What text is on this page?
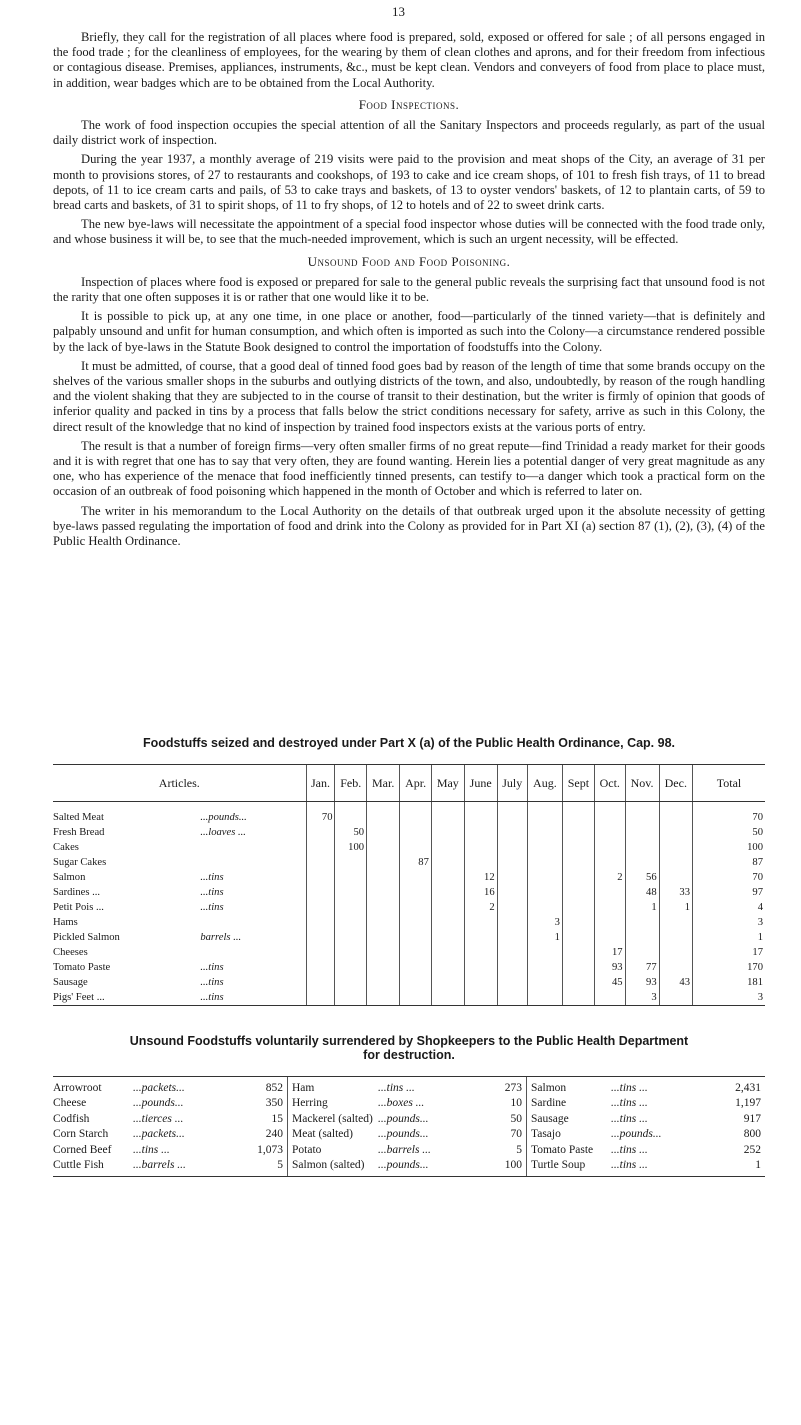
13

Briefly, they call for the registration of all places where food is prepared, sold, exposed or offered for sale ; of all persons engaged in the food trade ; for the cleanliness of employees, for the wearing by them of clean clothes and aprons, and for their freedom from infectious or contagious disease. Premises, appliances, instruments, &c., must be kept clean. Vendors and conveyers of food from place to place must, in addition, wear badges which are to be obtained from the Local Authority.

Food Inspections.

The work of food inspection occupies the special attention of all the Sanitary Inspectors and proceeds regularly, as part of the usual daily district work of inspection.

During the year 1937, a monthly average of 219 visits were paid to the provision and meat shops of the City, an average of 31 per month to provisions stores, of 27 to restaurants and cookshops, of 193 to cake and ice cream shops, of 101 to fresh fish trays, of 11 to bread depots, of 11 to ice cream carts and pails, of 53 to cake trays and baskets, of 13 to oyster vendors' baskets, of 12 to plantain carts, of 59 to bread carts and baskets, of 31 to spirit shops, of 11 to fry shops, of 12 to hotels and of 22 to sweet drink carts.

The new bye-laws will necessitate the appointment of a special food inspector whose duties will be connected with the food trade only, and whose business it will be, to see that the much-needed improvement, which is such an urgent necessity, will be effected.

Unsound Food and Food Poisoning.

Inspection of places where food is exposed or prepared for sale to the general public reveals the surprising fact that unsound food is not the rarity that one often supposes it is or rather that one would like it to be.

It is possible to pick up, at any one time, in one place or another, food—particularly of the tinned variety—that is definitely and palpably unsound and unfit for human consumption, and which often is imported as such into the Colony—a circumstance rendered possible by the lack of bye-laws in the Statute Book designed to control the importation of foodstuffs into the Colony.

It must be admitted, of course, that a good deal of tinned food goes bad by reason of the length of time that some brands occupy on the shelves of the various smaller shops in the suburbs and outlying districts of the town, and also, undoubtedly, by reason of the rough handling and the violent shaking that they are subjected to in the course of transit to their destination, but the writer is firmly of opinion that goods of inferior quality and packed in tins by a process that falls below the strict conditions necessary for safety, arrive as such in this Colony, the direct result of the knowledge that no kind of inspection by trained food inspectors exists at the various ports of entry.

The result is that a number of foreign firms—very often smaller firms of no great repute—find Trinidad a ready market for their goods and it is with regret that one has to say that very often, they are found wanting. Herein lies a potential danger of very great magnitude as any one, who has experience of the menace that food inefficiently tinned presents, can testify to—a danger which took a practical form on the occasion of an outbreak of food poisoning which happened in the month of October and which is referred to later on.

The writer in his memorandum to the Local Authority on the details of that outbreak urged upon it the absolute necessity of getting bye-laws passed regulating the importation of food and drink into the Colony as provided for in Part XI (a) section 87 (1), (2), (3), (4) of the Public Health Ordinance.

Foodstuffs seized and destroyed under Part X (a) of the Public Health Ordinance, Cap. 98.
Articles.		Jan.	Feb.	Mar.	Apr.	May	June	July	Aug.	Sept	Oct.	Nov.	Dec.	Total

Salted Meat	...pounds...	70												70
Fresh Bread	...loaves ...		50											50
Cakes			100											100
Sugar Cakes					87									87
Salmon	...tins						12				2	56		70
Sardines ...	...tins						16					48	33	97
Petit Pois ...	...tins						2					1	1	4
Hams									3					3
Pickled Salmon	barrels ...								1					1
Cheeses											17			17
Tomato Paste	...tins										93	77		170
Sausage	...tins										45	93	43	181
Pigs' Feet ...	...tins											3		3
Unsound Foodstuffs voluntarily surrendered by Shopkeepers to the Public Health Department
for destruction.
Arrowroot	...packets...	852
Cheese	...pounds...	350
Codfish	...tierces ...	15
Corn Starch	...packets...	240
Corned Beef	...tins ...	1,073
Cuttle Fish	...barrels ...	5
Ham	...tins ...	273
Herring	...boxes ...	10
Mackerel (salted) ...pounds...	50
Meat (salted)	...pounds...	70
Potato	...barrels ...	5
Salmon (salted)	...pounds...	100
Salmon	...tins ...	2,431
Sardine	...tins ...	1,197
Sausage	...tins ...	917
Tasajo	...pounds...	800
Tomato Paste	...tins ...	252
Turtle Soup	...tins ...	1
